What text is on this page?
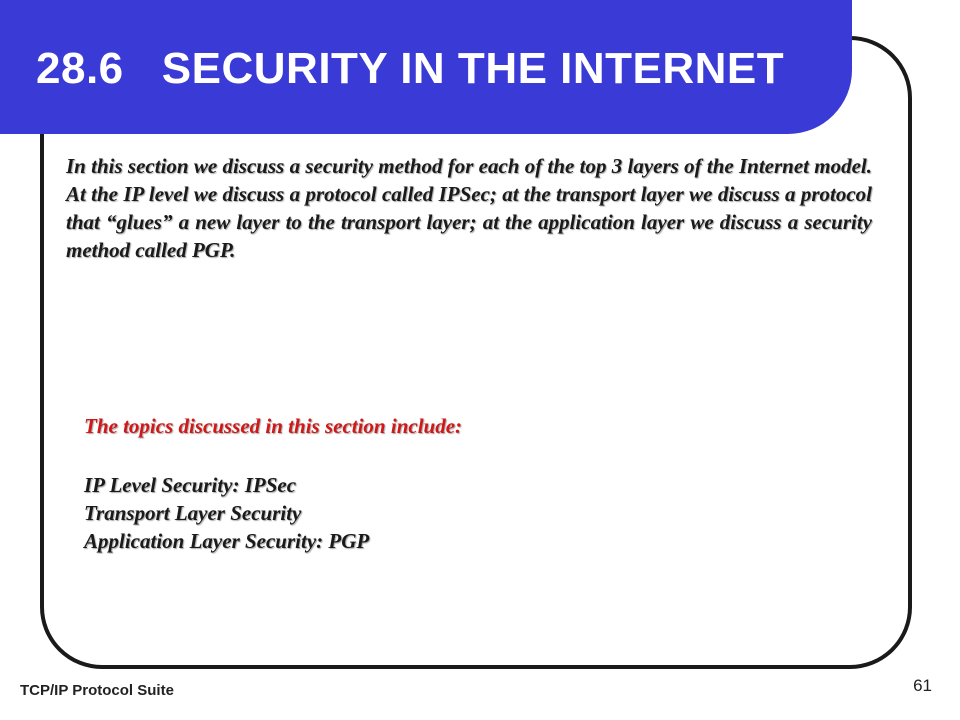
28.6   SECURITY IN THE INTERNET

In this section we discuss a security method for each of the top 3 layers of the Internet model. At the IP level we discuss a protocol called IPSec; at the transport layer we discuss a protocol that “glues” a new layer to the transport layer; at the application layer we discuss a security method called PGP.

The topics discussed in this section include:

IP Level Security: IPSec
Transport Layer Security
Application Layer Security: PGP

TCP/IP Protocol Suite	61
